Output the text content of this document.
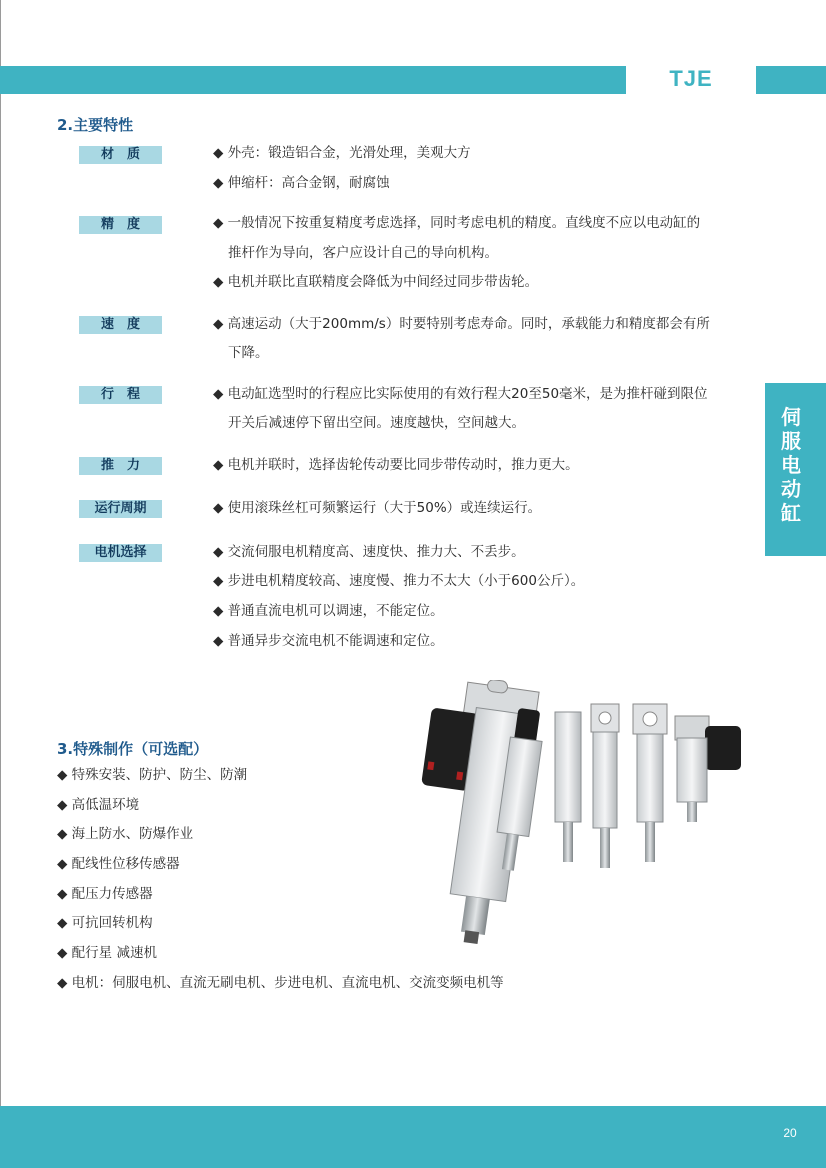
TJE
2.主要特性
材　质	◆ 外壳：锻造铝合金，光滑处理，美观大方
◆ 伸缩杆：高合金钢，耐腐蚀
精　度	◆ 一般情况下按重复精度考虑选择，同时考虑电机的精度。直线度不应以电动缸的
推杆作为导向，客户应设计自己的导向机构。
◆ 电机并联比直联精度会降低为中间经过同步带齿轮。
速　度	◆ 高速运动（大于200mm/s）时要特别考虑寿命。同时，承载能力和精度都会有所
下降。
行　程	◆ 电动缸选型时的行程应比实际使用的有效行程大20至50毫米，是为推杆碰到限位
开关后减速停下留出空间。速度越快，空间越大。
推　力	◆ 电机并联时，选择齿轮传动要比同步带传动时，推力更大。
运行周期	◆ 使用滚珠丝杠可频繁运行（大于50%）或连续运行。
电机选择	◆ 交流伺服电机精度高、速度快、推力大、不丢步。
◆ 步进电机精度较高、速度慢、推力不太大（小于600公斤）。
◆ 普通直流电机可以调速，不能定位。
◆ 普通异步交流电机不能调速和定位。
伺
服
电
动
缸
3.特殊制作（可选配）
◆ 特殊安装、防护、防尘、防潮
◆ 高低温环境
◆ 海上防水、防爆作业
◆ 配线性位移传感器
◆ 配压力传感器
◆ 可抗回转机构
◆ 配行星 减速机
◆ 电机：伺服电机、直流无刷电机、步进电机、直流电机、交流变频电机等
20
